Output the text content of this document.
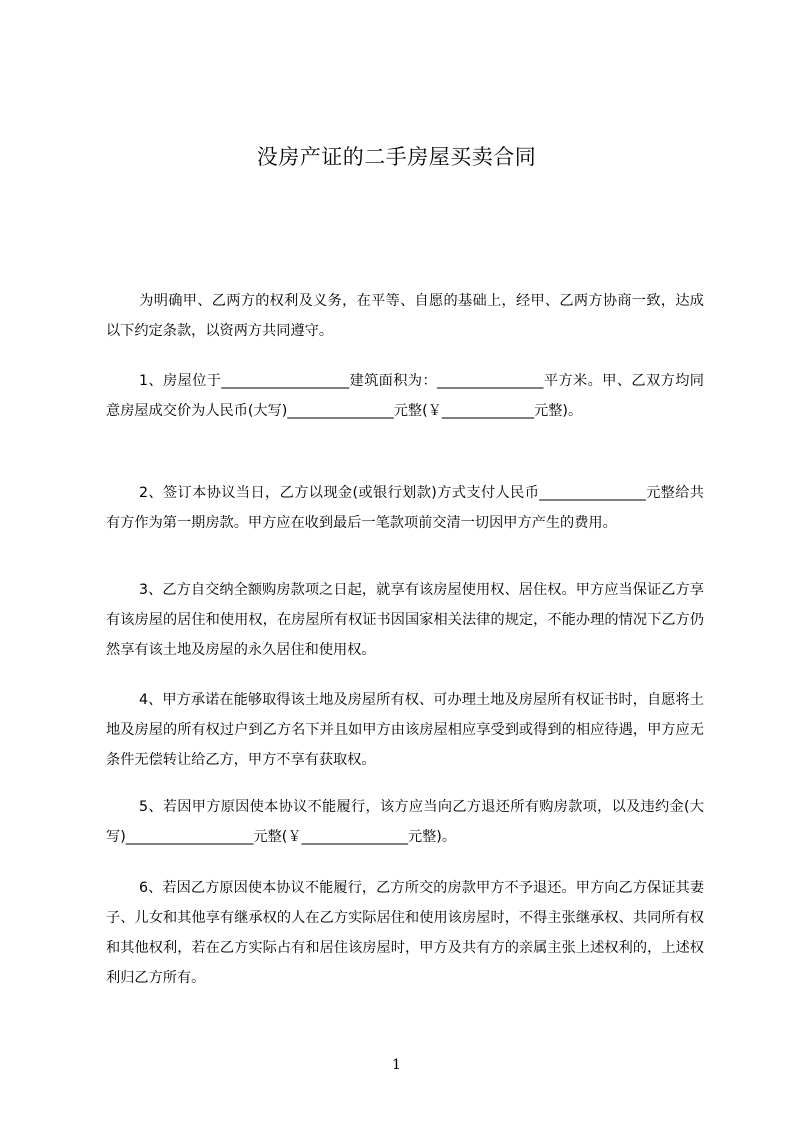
没房产证的二手房屋买卖合同
为明确甲、乙两方的权利及义务，在平等、自愿的基础上，经甲、乙两方协商一致，达成以下约定条款，以资两方共同遵守。
1、房屋位于__________________建筑面积为：_______________平方米。甲、乙双方均同意房屋成交价为人民币(大写)_______________元整(￥_____________元整)。
2、签订本协议当日，乙方以现金(或银行划款)方式支付人民币_______________元整给共有方作为第一期房款。甲方应在收到最后一笔款项前交清一切因甲方产生的费用。
3、乙方自交纳全额购房款项之日起，就享有该房屋使用权、居住权。甲方应当保证乙方享有该房屋的居住和使用权，在房屋所有权证书因国家相关法律的规定，不能办理的情况下乙方仍然享有该土地及房屋的永久居住和使用权。
4、甲方承诺在能够取得该土地及房屋所有权、可办理土地及房屋所有权证书时，自愿将土地及房屋的所有权过户到乙方名下并且如甲方由该房屋相应享受到或得到的相应待遇，甲方应无条件无偿转让给乙方，甲方不享有获取权。
5、若因甲方原因使本协议不能履行，该方应当向乙方退还所有购房款项，以及违约金(大写)__________________元整(￥_______________元整)。
6、若因乙方原因使本协议不能履行，乙方所交的房款甲方不予退还。甲方向乙方保证其妻子、儿女和其他享有继承权的人在乙方实际居住和使用该房屋时，不得主张继承权、共同所有权和其他权利，若在乙方实际占有和居住该房屋时，甲方及共有方的亲属主张上述权利的，上述权利归乙方所有。
1
